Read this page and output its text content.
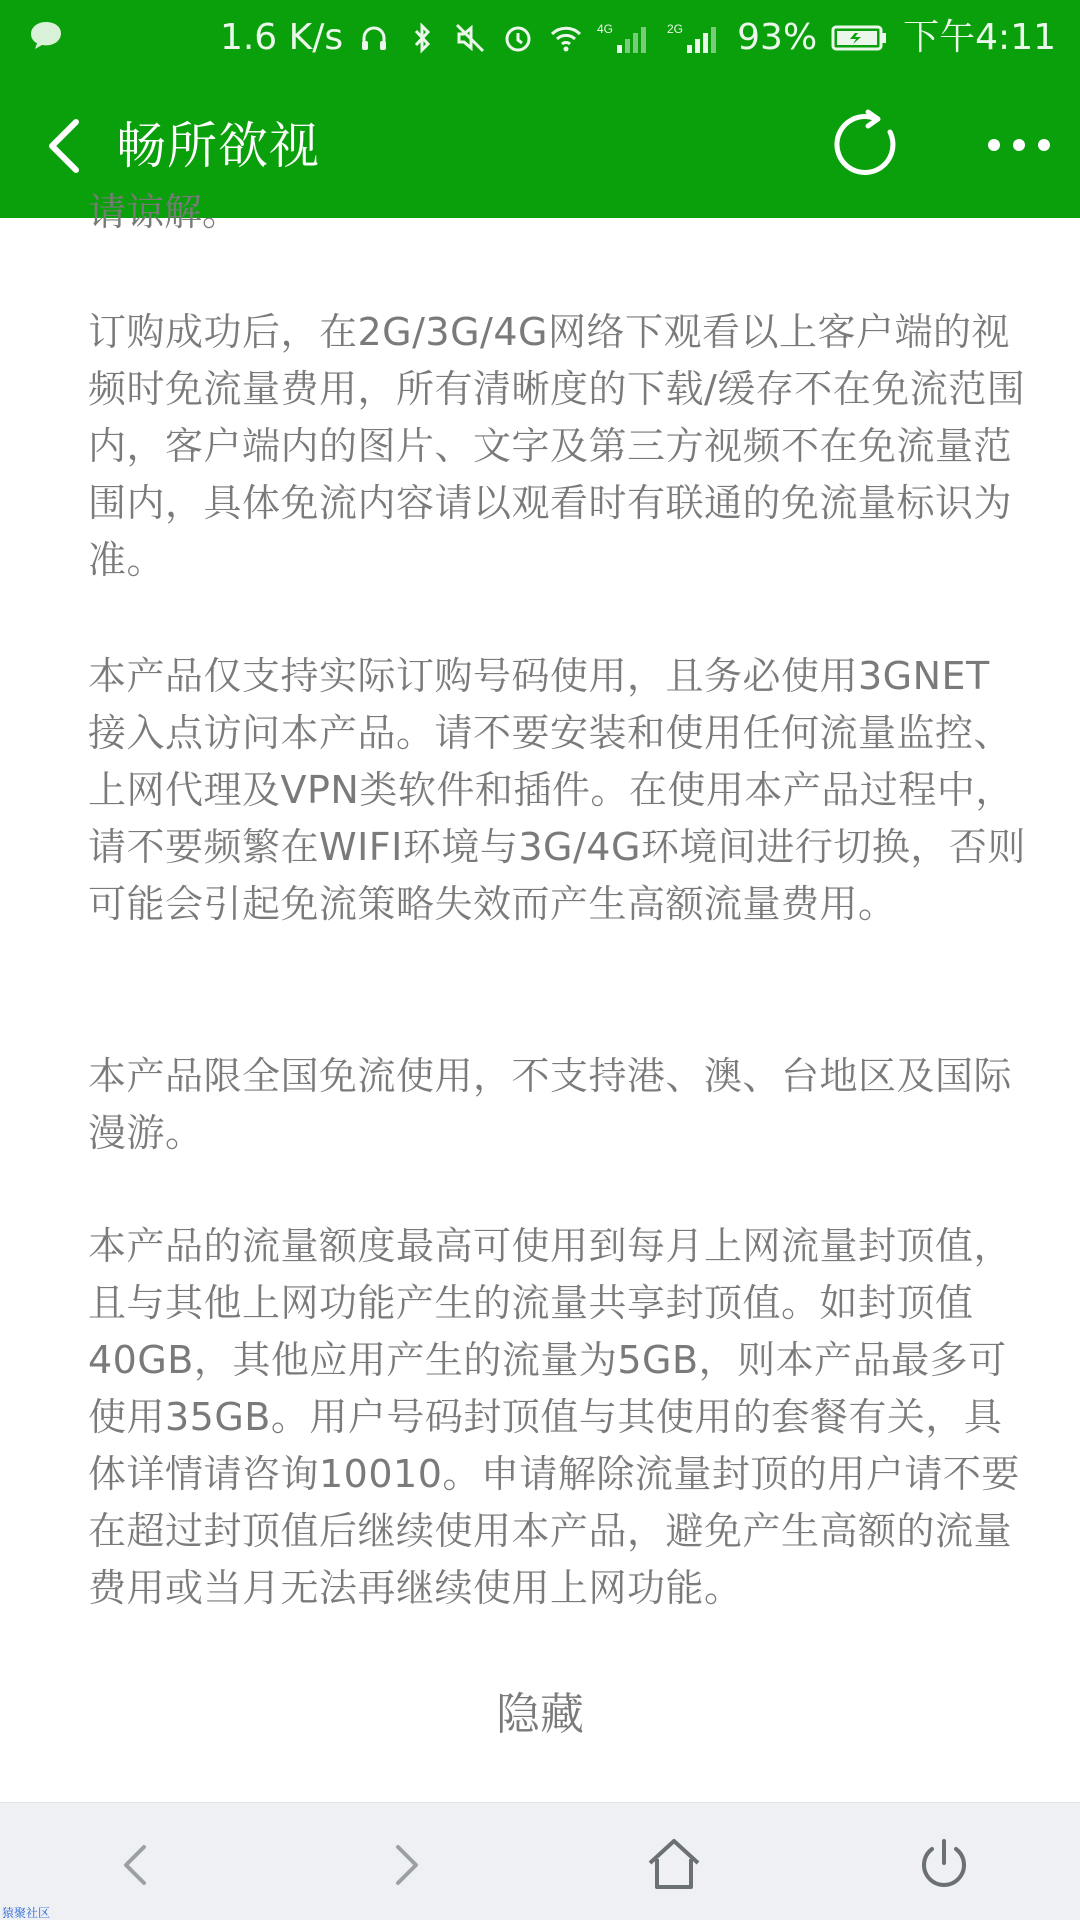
1.6 K/s	4G	2G 93% 下午4:11
畅所欲视
请谅解。

订购成功后，在2G/3G/4G网络下观看以上客户端的视频时免流量费用，所有清晰度的下载/缓存不在免流范围内，客户端内的图片、文字及第三方视频不在免流量范围内，具体免流内容请以观看时有联通的免流量标识为准。

本产品仅支持实际订购号码使用，且务必使用3GNET接入点访问本产品。请不要安装和使用任何流量监控、上网代理及VPN类软件和插件。在使用本产品过程中，请不要频繁在WIFI环境与3G/4G环境间进行切换，否则可能会引起免流策略失效而产生高额流量费用。

本产品限全国免流使用，不支持港、澳、台地区及国际漫游。

本产品的流量额度最高可使用到每月上网流量封顶值，且与其他上网功能产生的流量共享封顶值。如封顶值40GB，其他应用产生的流量为5GB，则本产品最多可使用35GB。用户号码封顶值与其使用的套餐有关，具体详情请咨询10010。申请解除流量封顶的用户请不要在超过封顶值后继续使用本产品，避免产生高额的流量费用或当月无法再继续使用上网功能。

隐藏
猿聚社区
